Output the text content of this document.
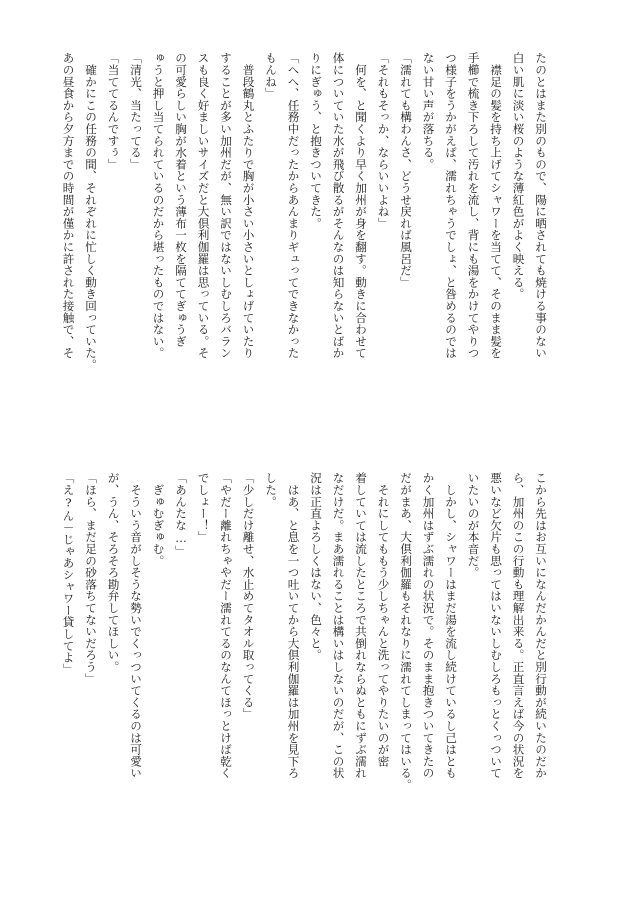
たのとはまた別のもので、陽に晒されても焼ける事のない
白い肌に淡い桜のような薄紅色がよく映える。
　襟足の髪を持ち上げてシャワーを当てて、そのまま髪を
手櫛で梳き下ろして汚れを流し、背にも湯をかけてやりつ
つ様子をうかがえば、濡れちゃうでしょ、と咎めるのでは
ない甘い声が落ちる。
「濡れても構わんさ、どうせ戻れば風呂だ」
「それもそっか、ならいいよね」
　何を、と聞くより早く加州が身を翻す。動きに合わせて
体についていた水が飛び散るがそんなのは知らないとばか
りにぎゅう、と抱きついてきた。
「へへ、任務中だったからあんまりギュってできなかった
もんね」
　普段鶴丸とふたりで胸が小さい小さいとしょげていたり
することが多い加州だが、無い訳ではないしむしろバラン
スも良く好ましいサイズだと大倶利伽羅は思っている。そ
の可愛らしい胸が水着という薄布一枚を隔ててぎゅうぎ
ゅうと押し当てられているのだから堪ったものではない。
「清光、当たってる」
「当ててるんですぅ」
　確かにこの任務の間、それぞれに忙しく動き回っていた。
あの昼食から夕方までの時間が僅かに許された接触で、そ
こから先はお互いになんだかんだと別行動が続いたのだか
ら、加州のこの行動も理解出来る。正直言えば今の状況を
悪いなど欠片も思ってはいないしむしろもっとくっついて
いたいのが本音だ。
　しかし、シャワーはまだ湯を流し続けているし己はとも
かく加州はずぶ濡れの状況で。そのまま抱きついてきたの
だがまあ、大倶利伽羅もそれなりに濡れてしまってはいる。
　それにしてももう少しちゃんと洗ってやりたいのが密
着していては流したところで共倒れならぬともにずぶ濡れ
なだけだ。まあ濡れることは構いはしないのだが、この状
況は正直よろしくはない、色々と。
　はあ、と息を一つ吐いてから大倶利伽羅は加州を見下ろ
した。
「少しだけ離せ、水止めてタオル取ってくる」
「やだー離れちゃやだー濡れてるのなんてほっとけば乾く
でしょー！」
「あんたな…」
　ぎゅむぎゅむ。
　そういう音がしそうな勢いでくっついてくるのは可愛い
が、うん、そろそろ勘弁してほしい。
「ほら、まだ足の砂落ちてないだろう」
「え?ん－じゃあシャワー貸してよ」
